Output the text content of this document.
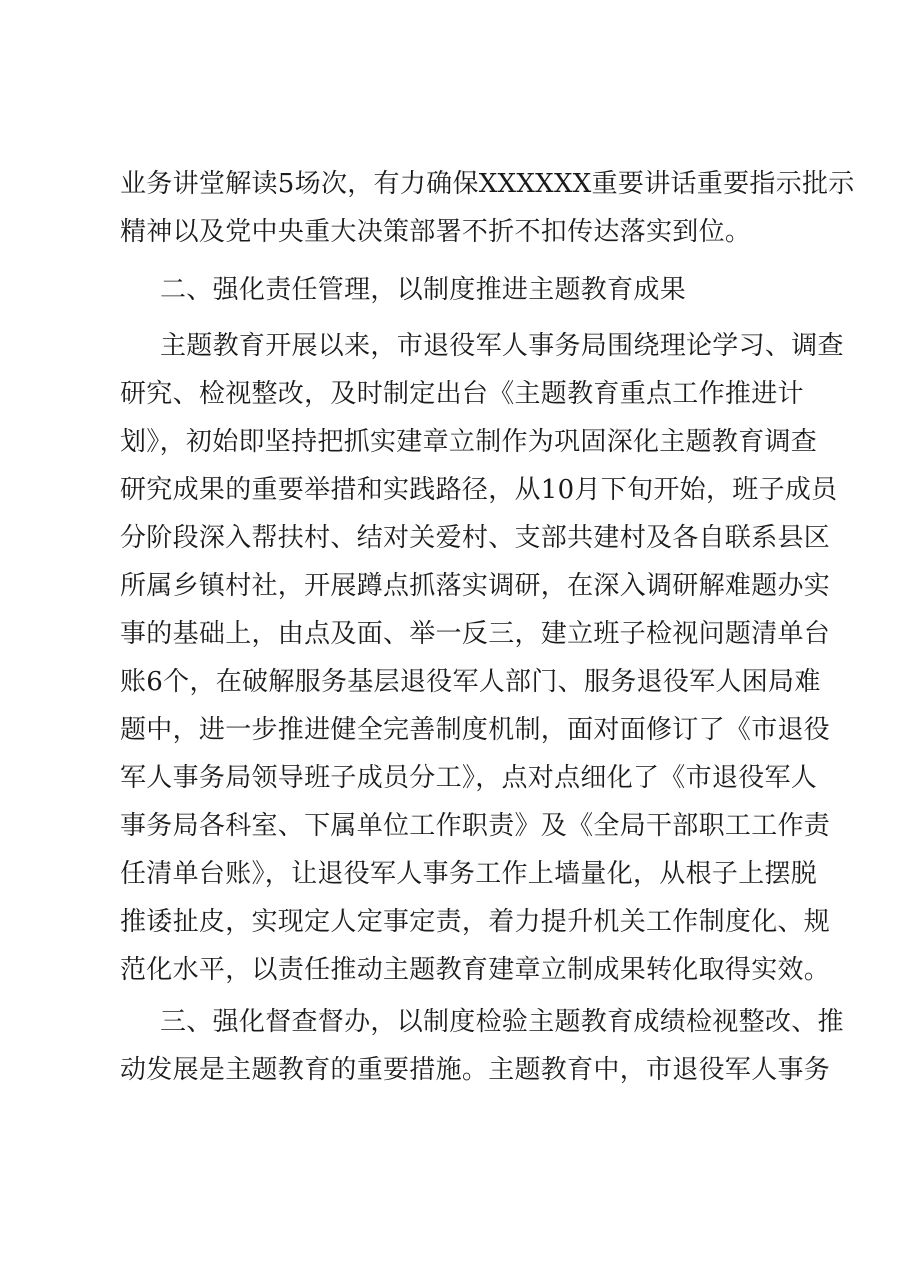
业务讲堂解读5场次，有力确保XXXXXX重要讲话重要指示批示
精神以及党中央重大决策部署不折不扣传达落实到位。
二、强化责任管理，以制度推进主题教育成果
主题教育开展以来，市退役军人事务局围绕理论学习、调查
研究、检视整改，及时制定出台《主题教育重点工作推进计
划》，初始即坚持把抓实建章立制作为巩固深化主题教育调查
研究成果的重要举措和实践路径，从10月下旬开始，班子成员
分阶段深入帮扶村、结对关爱村、支部共建村及各自联系县区
所属乡镇村社，开展蹲点抓落实调研，在深入调研解难题办实
事的基础上，由点及面、举一反三，建立班子检视问题清单台
账6个，在破解服务基层退役军人部门、服务退役军人困局难
题中，进一步推进健全完善制度机制，面对面修订了《市退役
军人事务局领导班子成员分工》，点对点细化了《市退役军人
事务局各科室、下属单位工作职责》及《全局干部职工工作责
任清单台账》，让退役军人事务工作上墙量化，从根子上摆脱
推诿扯皮，实现定人定事定责，着力提升机关工作制度化、规
范化水平，以责任推动主题教育建章立制成果转化取得实效。
三、强化督查督办，以制度检验主题教育成绩检视整改、推
动发展是主题教育的重要措施。主题教育中，市退役军人事务
